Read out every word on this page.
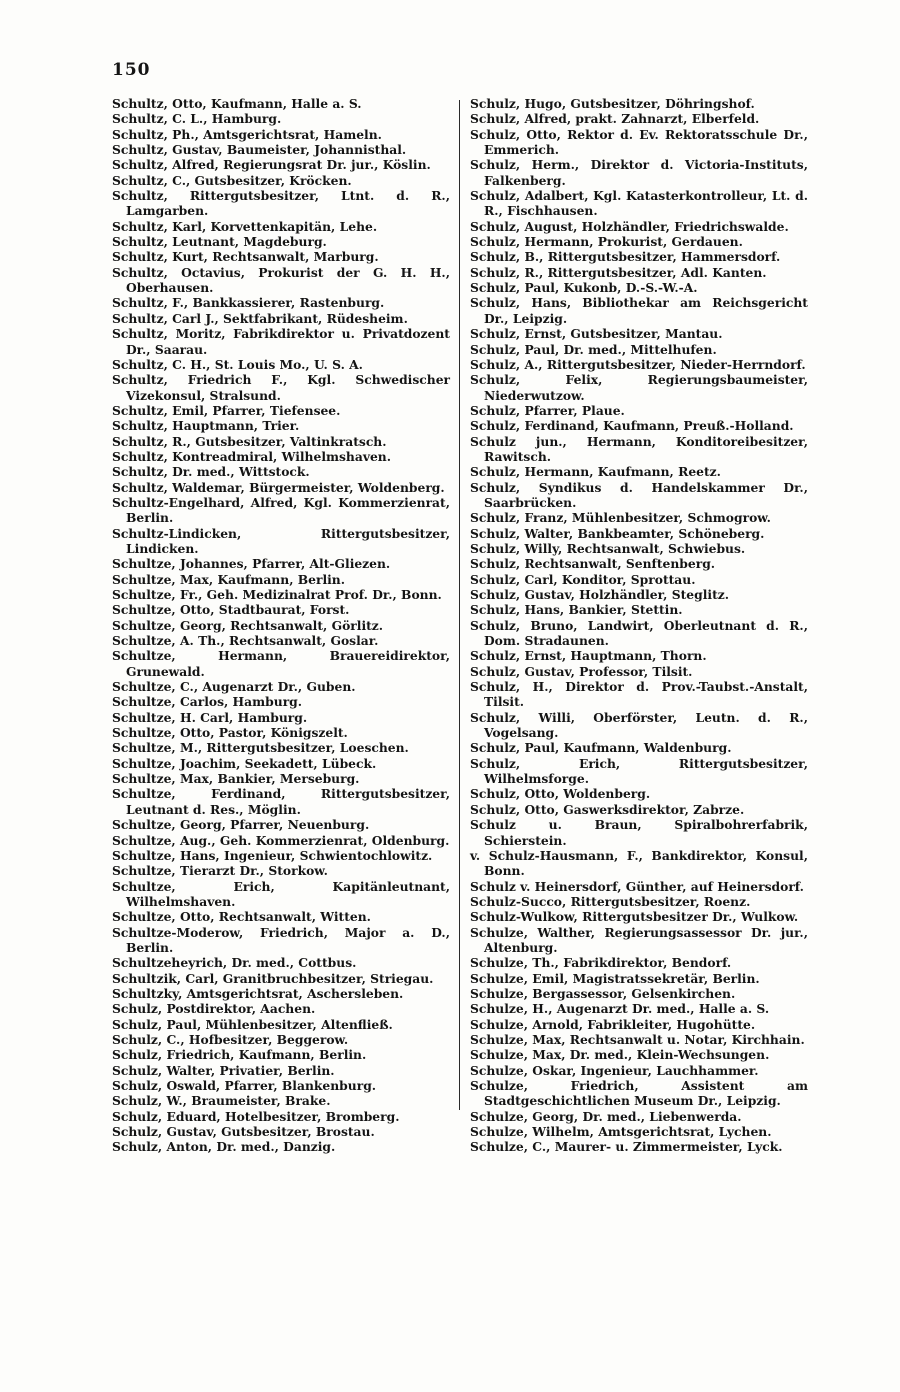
150
Schultz, Otto, Kaufmann, Halle a. S.
Schultz, C. L., Hamburg.
Schultz, Ph., Amtsgerichtsrat, Hameln.
Schultz, Gustav, Baumeister, Johannisthal.
Schultz, Alfred, Regierungsrat Dr. jur., Köslin.
Schultz, C., Gutsbesitzer, Kröcken.
Schultz, Rittergutsbesitzer, Ltnt. d. R., Lamgarben.
Schultz, Karl, Korvettenkapitän, Lehe.
Schultz, Leutnant, Magdeburg.
Schultz, Kurt, Rechtsanwalt, Marburg.
Schultz, Octavius, Prokurist der G. H. H., Oberhausen.
Schultz, F., Bankkassierer, Rastenburg.
Schultz, Carl J., Sektfabrikant, Rüdesheim.
Schultz, Moritz, Fabrikdirektor u. Privatdozent Dr., Saarau.
Schultz, C. H., St. Louis Mo., U. S. A.
Schultz, Friedrich F., Kgl. Schwedischer Vizekonsul, Stralsund.
Schultz, Emil, Pfarrer, Tiefensee.
Schultz, Hauptmann, Trier.
Schultz, R., Gutsbesitzer, Valtinkratsch.
Schultz, Kontreadmiral, Wilhelmshaven.
Schultz, Dr. med., Wittstock.
Schultz, Waldemar, Bürgermeister, Woldenberg.
Schultz-Engelhard, Alfred, Kgl. Kommerzienrat, Berlin.
Schultz-Lindicken, Rittergutsbesitzer, Lindicken.
Schultze, Johannes, Pfarrer, Alt-Gliezen.
Schultze, Max, Kaufmann, Berlin.
Schultze, Fr., Geh. Medizinalrat Prof. Dr., Bonn.
Schultze, Otto, Stadtbaurat, Forst.
Schultze, Georg, Rechtsanwalt, Görlitz.
Schultze, A. Th., Rechtsanwalt, Goslar.
Schultze, Hermann, Brauereidirektor, Grunewald.
Schultze, C., Augenarzt Dr., Guben.
Schultze, Carlos, Hamburg.
Schultze, H. Carl, Hamburg.
Schultze, Otto, Pastor, Königszelt.
Schultze, M., Rittergutsbesitzer, Loeschen.
Schultze, Joachim, Seekadett, Lübeck.
Schultze, Max, Bankier, Merseburg.
Schultze, Ferdinand, Rittergutsbesitzer, Leutnant d. Res., Möglin.
Schultze, Georg, Pfarrer, Neuenburg.
Schultze, Aug., Geh. Kommerzienrat, Oldenburg.
Schultze, Hans, Ingenieur, Schwientochlowitz.
Schultze, Tierarzt Dr., Storkow.
Schultze, Erich, Kapitänleutnant, Wilhelmshaven.
Schultze, Otto, Rechtsanwalt, Witten.
Schultze-Moderow, Friedrich, Major a. D., Berlin.
Schultzeheyrich, Dr. med., Cottbus.
Schultzik, Carl, Granitbruchbesitzer, Striegau.
Schultzky, Amtsgerichtsrat, Aschersleben.
Schulz, Postdirektor, Aachen.
Schulz, Paul, Mühlenbesitzer, Altenfließ.
Schulz, C., Hofbesitzer, Beggerow.
Schulz, Friedrich, Kaufmann, Berlin.
Schulz, Walter, Privatier, Berlin.
Schulz, Oswald, Pfarrer, Blankenburg.
Schulz, W., Braumeister, Brake.
Schulz, Eduard, Hotelbesitzer, Bromberg.
Schulz, Gustav, Gutsbesitzer, Brostau.
Schulz, Anton, Dr. med., Danzig.
Schulz, Hugo, Gutsbesitzer, Döhringshof.
Schulz, Alfred, prakt. Zahnarzt, Elberfeld.
Schulz, Otto, Rektor d. Ev. Rektoratsschule Dr., Emmerich.
Schulz, Herm., Direktor d. Victoria-Instituts, Falkenberg.
Schulz, Adalbert, Kgl. Katasterkontrolleur, Lt. d. R., Fischhausen.
Schulz, August, Holzhändler, Friedrichswalde.
Schulz, Hermann, Prokurist, Gerdauen.
Schulz, B., Rittergutsbesitzer, Hammersdorf.
Schulz, R., Rittergutsbesitzer, Adl. Kanten.
Schulz, Paul, Kukonb, D.-S.-W.-A.
Schulz, Hans, Bibliothekar am Reichsgericht Dr., Leipzig.
Schulz, Ernst, Gutsbesitzer, Mantau.
Schulz, Paul, Dr. med., Mittelhufen.
Schulz, A., Rittergutsbesitzer, Nieder-Herrndorf.
Schulz, Felix, Regierungsbaumeister, Niederwutzow.
Schulz, Pfarrer, Plaue.
Schulz, Ferdinand, Kaufmann, Preuß.-Holland.
Schulz jun., Hermann, Konditoreibesitzer, Rawitsch.
Schulz, Hermann, Kaufmann, Reetz.
Schulz, Syndikus d. Handelskammer Dr., Saarbrücken.
Schulz, Franz, Mühlenbesitzer, Schmogrow.
Schulz, Walter, Bankbeamter, Schöneberg.
Schulz, Willy, Rechtsanwalt, Schwiebus.
Schulz, Rechtsanwalt, Senftenberg.
Schulz, Carl, Konditor, Sprottau.
Schulz, Gustav, Holzhändler, Steglitz.
Schulz, Hans, Bankier, Stettin.
Schulz, Bruno, Landwirt, Oberleutnant d. R., Dom. Stradaunen.
Schulz, Ernst, Hauptmann, Thorn.
Schulz, Gustav, Professor, Tilsit.
Schulz, H., Direktor d. Prov.-Taubst.-Anstalt, Tilsit.
Schulz, Willi, Oberförster, Leutn. d. R., Vogelsang.
Schulz, Paul, Kaufmann, Waldenburg.
Schulz, Erich, Rittergutsbesitzer, Wilhelmsforge.
Schulz, Otto, Woldenberg.
Schulz, Otto, Gaswerksdirektor, Zabrze.
Schulz u. Braun, Spiralbohrerfabrik, Schierstein.
v. Schulz-Hausmann, F., Bankdirektor, Konsul, Bonn.
Schulz v. Heinersdorf, Günther, auf Heinersdorf.
Schulz-Succo, Rittergutsbesitzer, Roenz.
Schulz-Wulkow, Rittergutsbesitzer Dr., Wulkow.
Schulze, Walther, Regierungsassessor Dr. jur., Altenburg.
Schulze, Th., Fabrikdirektor, Bendorf.
Schulze, Emil, Magistratssekretär, Berlin.
Schulze, Bergassessor, Gelsenkirchen.
Schulze, H., Augenarzt Dr. med., Halle a. S.
Schulze, Arnold, Fabrikleiter, Hugohütte.
Schulze, Max, Rechtsanwalt u. Notar, Kirchhain.
Schulze, Max, Dr. med., Klein-Wechsungen.
Schulze, Oskar, Ingenieur, Lauchhammer.
Schulze, Friedrich, Assistent am Stadtgeschichtlichen Museum Dr., Leipzig.
Schulze, Georg, Dr. med., Liebenwerda.
Schulze, Wilhelm, Amtsgerichtsrat, Lychen.
Schulze, C., Maurer- u. Zimmermeister, Lyck.
